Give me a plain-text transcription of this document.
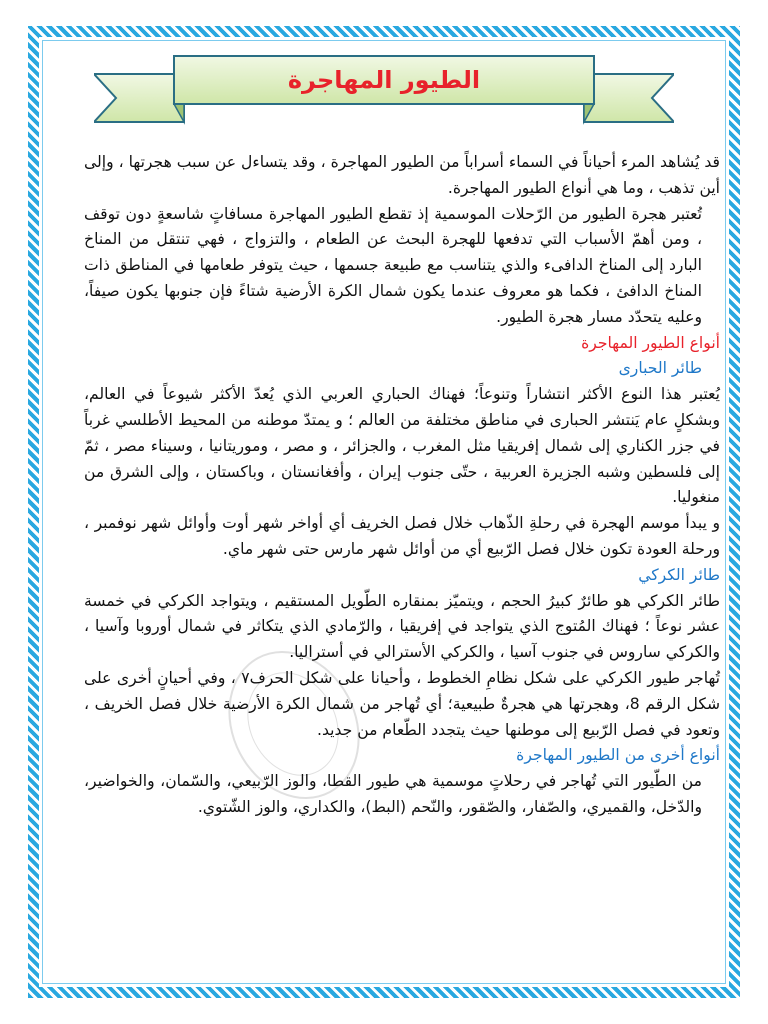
الطيور المهاجرة

قد يُشاهد المرء أحياناً في السماء أسراباً من الطيور المهاجرة ، وقد يتساءل عن سبب هجرتها ، وإلى أين تذهب ، وما هي أنواع الطيور المهاجرة.

تُعتبر هجرة الطيور من الرّحلات الموسمية إذ تقطع الطيور المهاجرة مسافاتٍ شاسعةٍ دون توقف ، ومن أهمّ الأسباب التي تدفعها للهجرة البحث عن الطعام ، والتزواج ، فهي تنتقل من المناخ البارد إلى المناخ الدافىء والذي يتناسب مع طبيعة جسمها ، حيث يتوفر طعامها في المناطق ذات المناخ الدافئ ، فكما هو معروف عندما يكون شمال الكرة الأرضية شتاءً فإن جنوبها يكون صيفاً، وعليه يتحدّد مسار هجرة الطيور.

أنواع الطيور المهاجرة

طائر الحبارى

يُعتبر هذا النوع الأكثر انتشاراً وتنوعاً؛ فهناك الحباري العربي الذي يُعدّ الأكثر شيوعاً في العالم، وبشكلٍ عام يَنتشر الحبارى في مناطق مختلفة من العالم ؛ و يمتدّ موطنه من المحيط الأطلسي غرباً في جزر الكناري إلى شمال إفريقيا مثل المغرب ، والجزائر ، و مصر ، وموريتانيا ، وسيناء مصر ، ثمّ إلى فلسطين وشبه الجزيرة العربية ، حتّى جنوب إيران ، وأفغانستان ، وباكستان ، وإلى الشرق من منغوليا.

و يبدأ موسم الهجرة في رحلةِ الذّهاب خلال فصل الخريف أي أواخر شهر أوت وأوائل شهر نوفمبر ، ورحلة العودة تكون خلال فصل الرّبيع أي من أوائل شهر مارس حتى شهر ماي.

طائر الكركي

طائر الكركي هو طائرٌ كبيرُ الحجم ، ويتميّز بمنقاره الطّويل المستقيم ، ويتواجد الكركي في خمسة عشر نوعاً ؛ فهناك المُتوج الذي يتواجد في إفريقيا ، والرّمادي الذي يتكاثر في شمال أوروبا وآسيا ، والكركي ساروس في جنوب آسيا ، والكركي الأسترالي في أستراليا.

تُهاجر طيور الكركي على شكل نظامِ الخطوط ، وأحيانا على شكل الحرف٧ ، وفي أحيانٍ أخرى على شكل الرقم 8، وهجرتها هي هجرةٌ طبيعية؛ أي تُهاجر من شمال الكرة الأرضية خلال فصل الخريف ، وتعود في فصل الرّبيع إلى موطنها حيث يتجدد الطّعام من جديد.

أنواع أخرى من الطيور المهاجرة

من الطّيور التي تُهاجر في رحلاتٍ موسمية هي طيور القطا، والوز الرّبيعي، والسّمان، والخواضير، والدّخل، والقميري، والصّفار، والصّقور، والنّحم (البط)، والكداري، والوز الشّتوي.
